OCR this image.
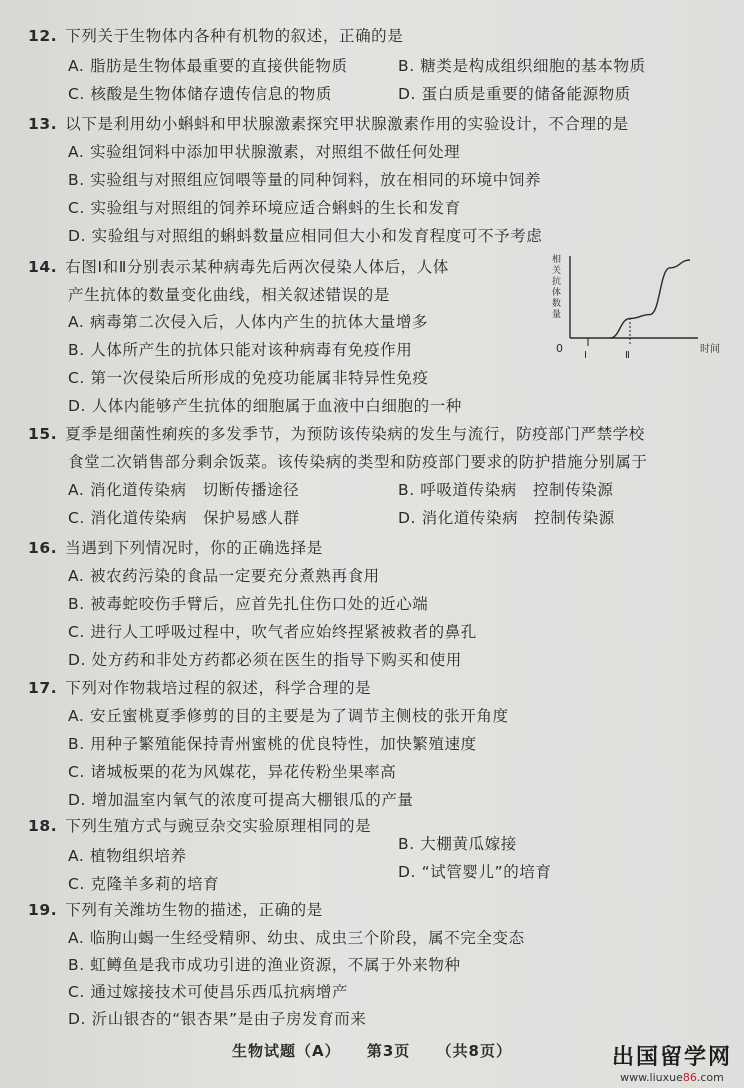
12. 下列关于生物体内各种有机物的叙述，正确的是
A. 脂肪是生物体最重要的直接供能物质	B. 糖类是构成组织细胞的基本物质
C. 核酸是生物体储存遗传信息的物质	D. 蛋白质是重要的储备能源物质
13. 以下是利用幼小蝌蚪和甲状腺激素探究甲状腺激素作用的实验设计，不合理的是
A. 实验组饲料中添加甲状腺激素，对照组不做任何处理
B. 实验组与对照组应饲喂等量的同种饲料，放在相同的环境中饲养
C. 实验组与对照组的饲养环境应适合蝌蚪的生长和发育
D. 实验组与对照组的蝌蚪数量应相同但大小和发育程度可不予考虑
14. 右图Ⅰ和Ⅱ分别表示某种病毒先后两次侵染人体后，人体
产生抗体的数量变化曲线，相关叙述错误的是
A. 病毒第二次侵入后，人体内产生的抗体大量增多
B. 人体所产生的抗体只能对该种病毒有免疫作用
C. 第一次侵染后所形成的免疫功能属非特异性免疫
D. 人体内能够产生抗体的细胞属于血液中白细胞的一种
相
关
抗
体
数
量
0	时间
Ⅰ	Ⅱ
15. 夏季是细菌性痢疾的多发季节，为预防该传染病的发生与流行，防疫部门严禁学校
食堂二次销售部分剩余饭菜。该传染病的类型和防疫部门要求的防护措施分别属于
A. 消化道传染病　切断传播途径	B. 呼吸道传染病　控制传染源
C. 消化道传染病　保护易感人群	D. 消化道传染病　控制传染源
16. 当遇到下列情况时，你的正确选择是
A. 被农药污染的食品一定要充分煮熟再食用
B. 被毒蛇咬伤手臂后，应首先扎住伤口处的近心端
C. 进行人工呼吸过程中，吹气者应始终捏紧被救者的鼻孔
D. 处方药和非处方药都必须在医生的指导下购买和使用
17. 下列对作物栽培过程的叙述，科学合理的是
A. 安丘蜜桃夏季修剪的目的主要是为了调节主侧枝的张开角度
B. 用种子繁殖能保持青州蜜桃的优良特性，加快繁殖速度
C. 诸城板栗的花为风媒花，异花传粉坐果率高
D. 增加温室内氧气的浓度可提高大棚银瓜的产量
18. 下列生殖方式与豌豆杂交实验原理相同的是
A. 植物组织培养
B. 大棚黄瓜嫁接
C. 克隆羊多莉的培育
D. “试管婴儿”的培育
19. 下列有关潍坊生物的描述，正确的是
A. 临朐山蝎一生经受精卵、幼虫、成虫三个阶段，属不完全变态
B. 虹鳟鱼是我市成功引进的渔业资源，不属于外来物种
C. 通过嫁接技术可使昌乐西瓜抗病增产
D. 沂山银杏的“银杏果”是由子房发育而来
生物试题（A） 第3页 （共8页）	出国留学网
www.liuxue86.com
